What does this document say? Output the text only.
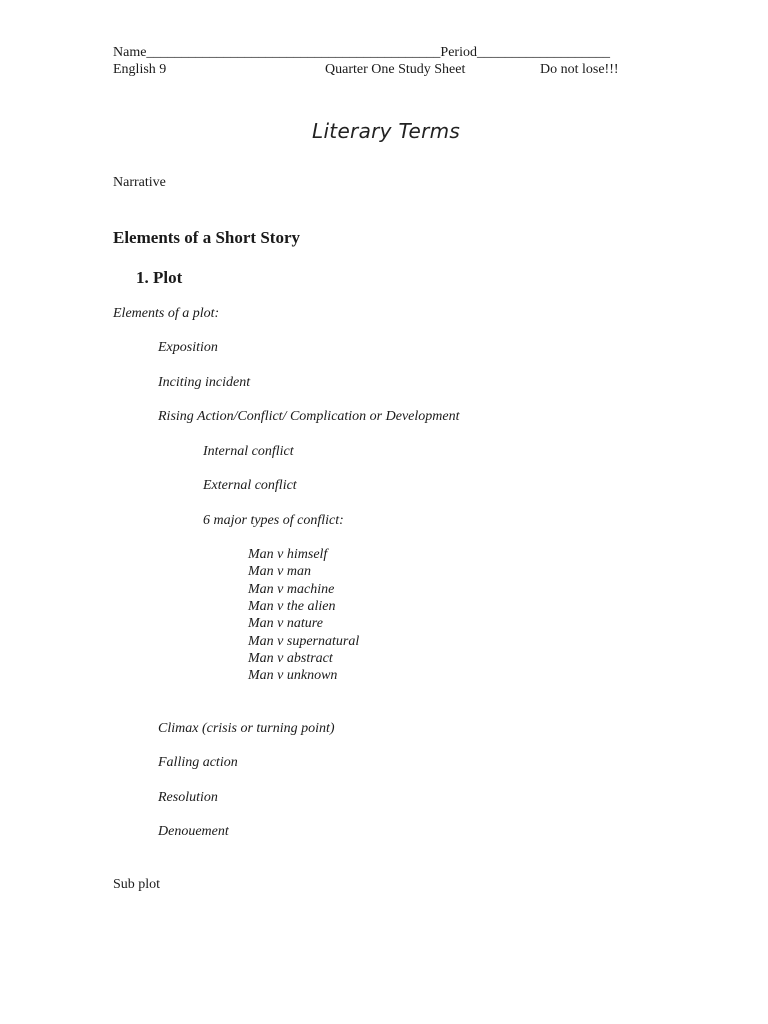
Name__________________________________________Period___________________
English 9	Quarter One Study Sheet	Do not lose!!!
Literary Terms
Narrative
Elements of a Short Story
1. Plot
Elements of a plot:
Exposition
Inciting incident
Rising Action/Conflict/ Complication or Development
Internal conflict
External conflict
6 major types of conflict:
Man v himself
Man v man
Man v machine
Man v the alien
Man v nature
Man v supernatural
Man v abstract
Man v unknown
Climax (crisis or turning point)
Falling action
Resolution
Denouement
Sub plot
